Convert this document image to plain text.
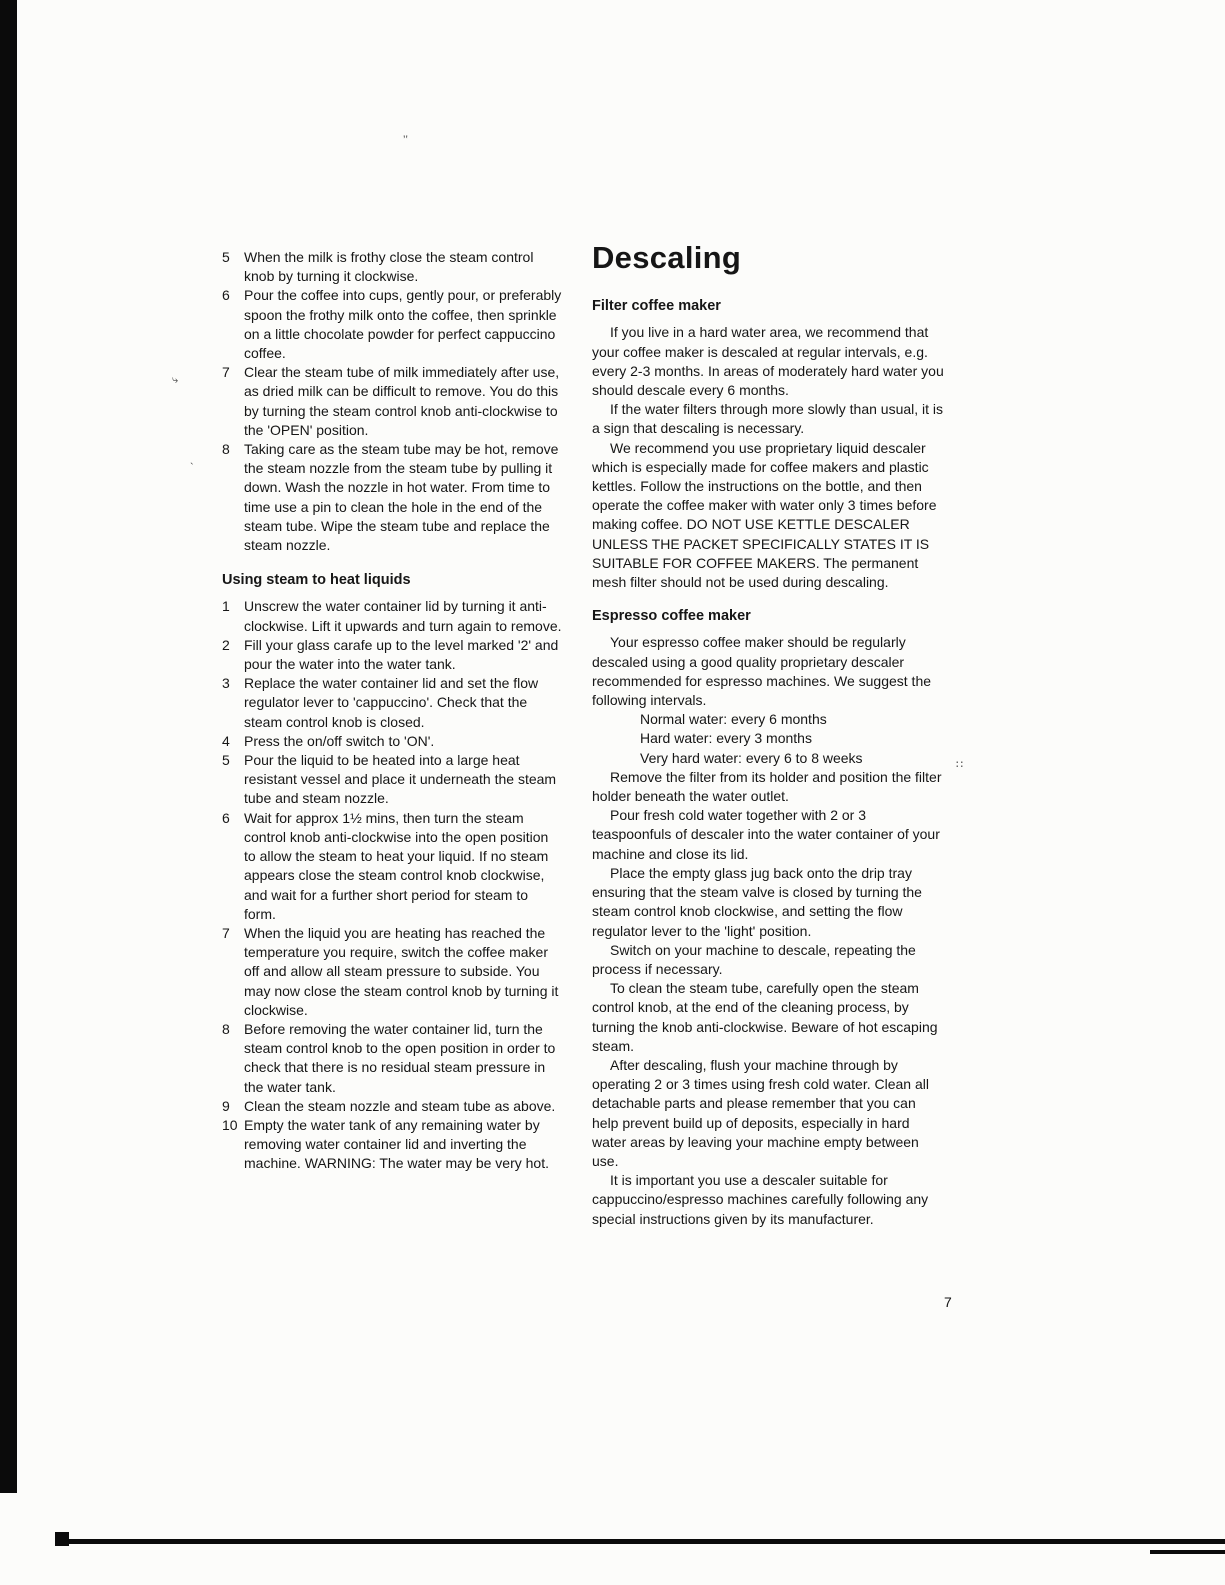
’‛
⤷
`
∷
5	When the milk is frothy close the steam control knob by turning it clockwise.
6	Pour the coffee into cups, gently pour, or preferably spoon the frothy milk onto the coffee, then sprinkle on a little chocolate powder for perfect cappuccino coffee.
7	Clear the steam tube of milk immediately after use, as dried milk can be difficult to remove. You do this by turning the steam control knob anti-clockwise to the 'OPEN' position.
8	Taking care as the steam tube may be hot, remove the steam nozzle from the steam tube by pulling it down. Wash the nozzle in hot water. From time to time use a pin to clean the hole in the end of the steam tube. Wipe the steam tube and replace the steam nozzle.
Using steam to heat liquids
1	Unscrew the water container lid by turning it anti-clockwise. Lift it upwards and turn again to remove.
2	Fill your glass carafe up to the level marked '2' and pour the water into the water tank.
3	Replace the water container lid and set the flow regulator lever to 'cappuccino'. Check that the steam control knob is closed.
4	Press the on/off switch to 'ON'.
5	Pour the liquid to be heated into a large heat resistant vessel and place it underneath the steam tube and steam nozzle.
6	Wait for approx 1½ mins, then turn the steam control knob anti-clockwise into the open position to allow the steam to heat your liquid. If no steam appears close the steam control knob clockwise, and wait for a further short period for steam to form.
7	When the liquid you are heating has reached the temperature you require, switch the coffee maker off and allow all steam pressure to subside. You may now close the steam control knob by turning it clockwise.
8	Before removing the water container lid, turn the steam control knob to the open position in order to check that there is no residual steam pressure in the water tank.
9	Clean the steam nozzle and steam tube as above.
10 Empty the water tank of any remaining water by removing water container lid and inverting the machine. WARNING: The water may be very hot.
Descaling
Filter coffee maker

If you live in a hard water area, we recommend that your coffee maker is descaled at regular intervals, e.g. every 2-3 months. In areas of moderately hard water you should descale every 6 months.

If the water filters through more slowly than usual, it is a sign that descaling is necessary.

We recommend you use proprietary liquid descaler which is especially made for coffee makers and plastic kettles. Follow the instructions on the bottle, and then operate the coffee maker with water only 3 times before making coffee. DO NOT USE KETTLE DESCALER UNLESS THE PACKET SPECIFICALLY STATES IT IS SUITABLE FOR COFFEE MAKERS. The permanent mesh filter should not be used during descaling.

Espresso coffee maker

Your espresso coffee maker should be regularly descaled using a good quality proprietary descaler recommended for espresso machines. We suggest the following intervals.

Normal water: every 6 months
Hard water: every 3 months
Very hard water: every 6 to 8 weeks

Remove the filter from its holder and position the filter holder beneath the water outlet.

Pour fresh cold water together with 2 or 3 teaspoonfuls of descaler into the water container of your machine and close its lid.

Place the empty glass jug back onto the drip tray ensuring that the steam valve is closed by turning the steam control knob clockwise, and setting the flow regulator lever to the 'light' position.

Switch on your machine to descale, repeating the process if necessary.

To clean the steam tube, carefully open the steam control knob, at the end of the cleaning process, by turning the knob anti-clockwise. Beware of hot escaping steam.

After descaling, flush your machine through by operating 2 or 3 times using fresh cold water. Clean all detachable parts and please remember that you can help prevent build up of deposits, especially in hard water areas by leaving your machine empty between use.

It is important you use a descaler suitable for cappuccino/espresso machines carefully following any special instructions given by its manufacturer.

7
